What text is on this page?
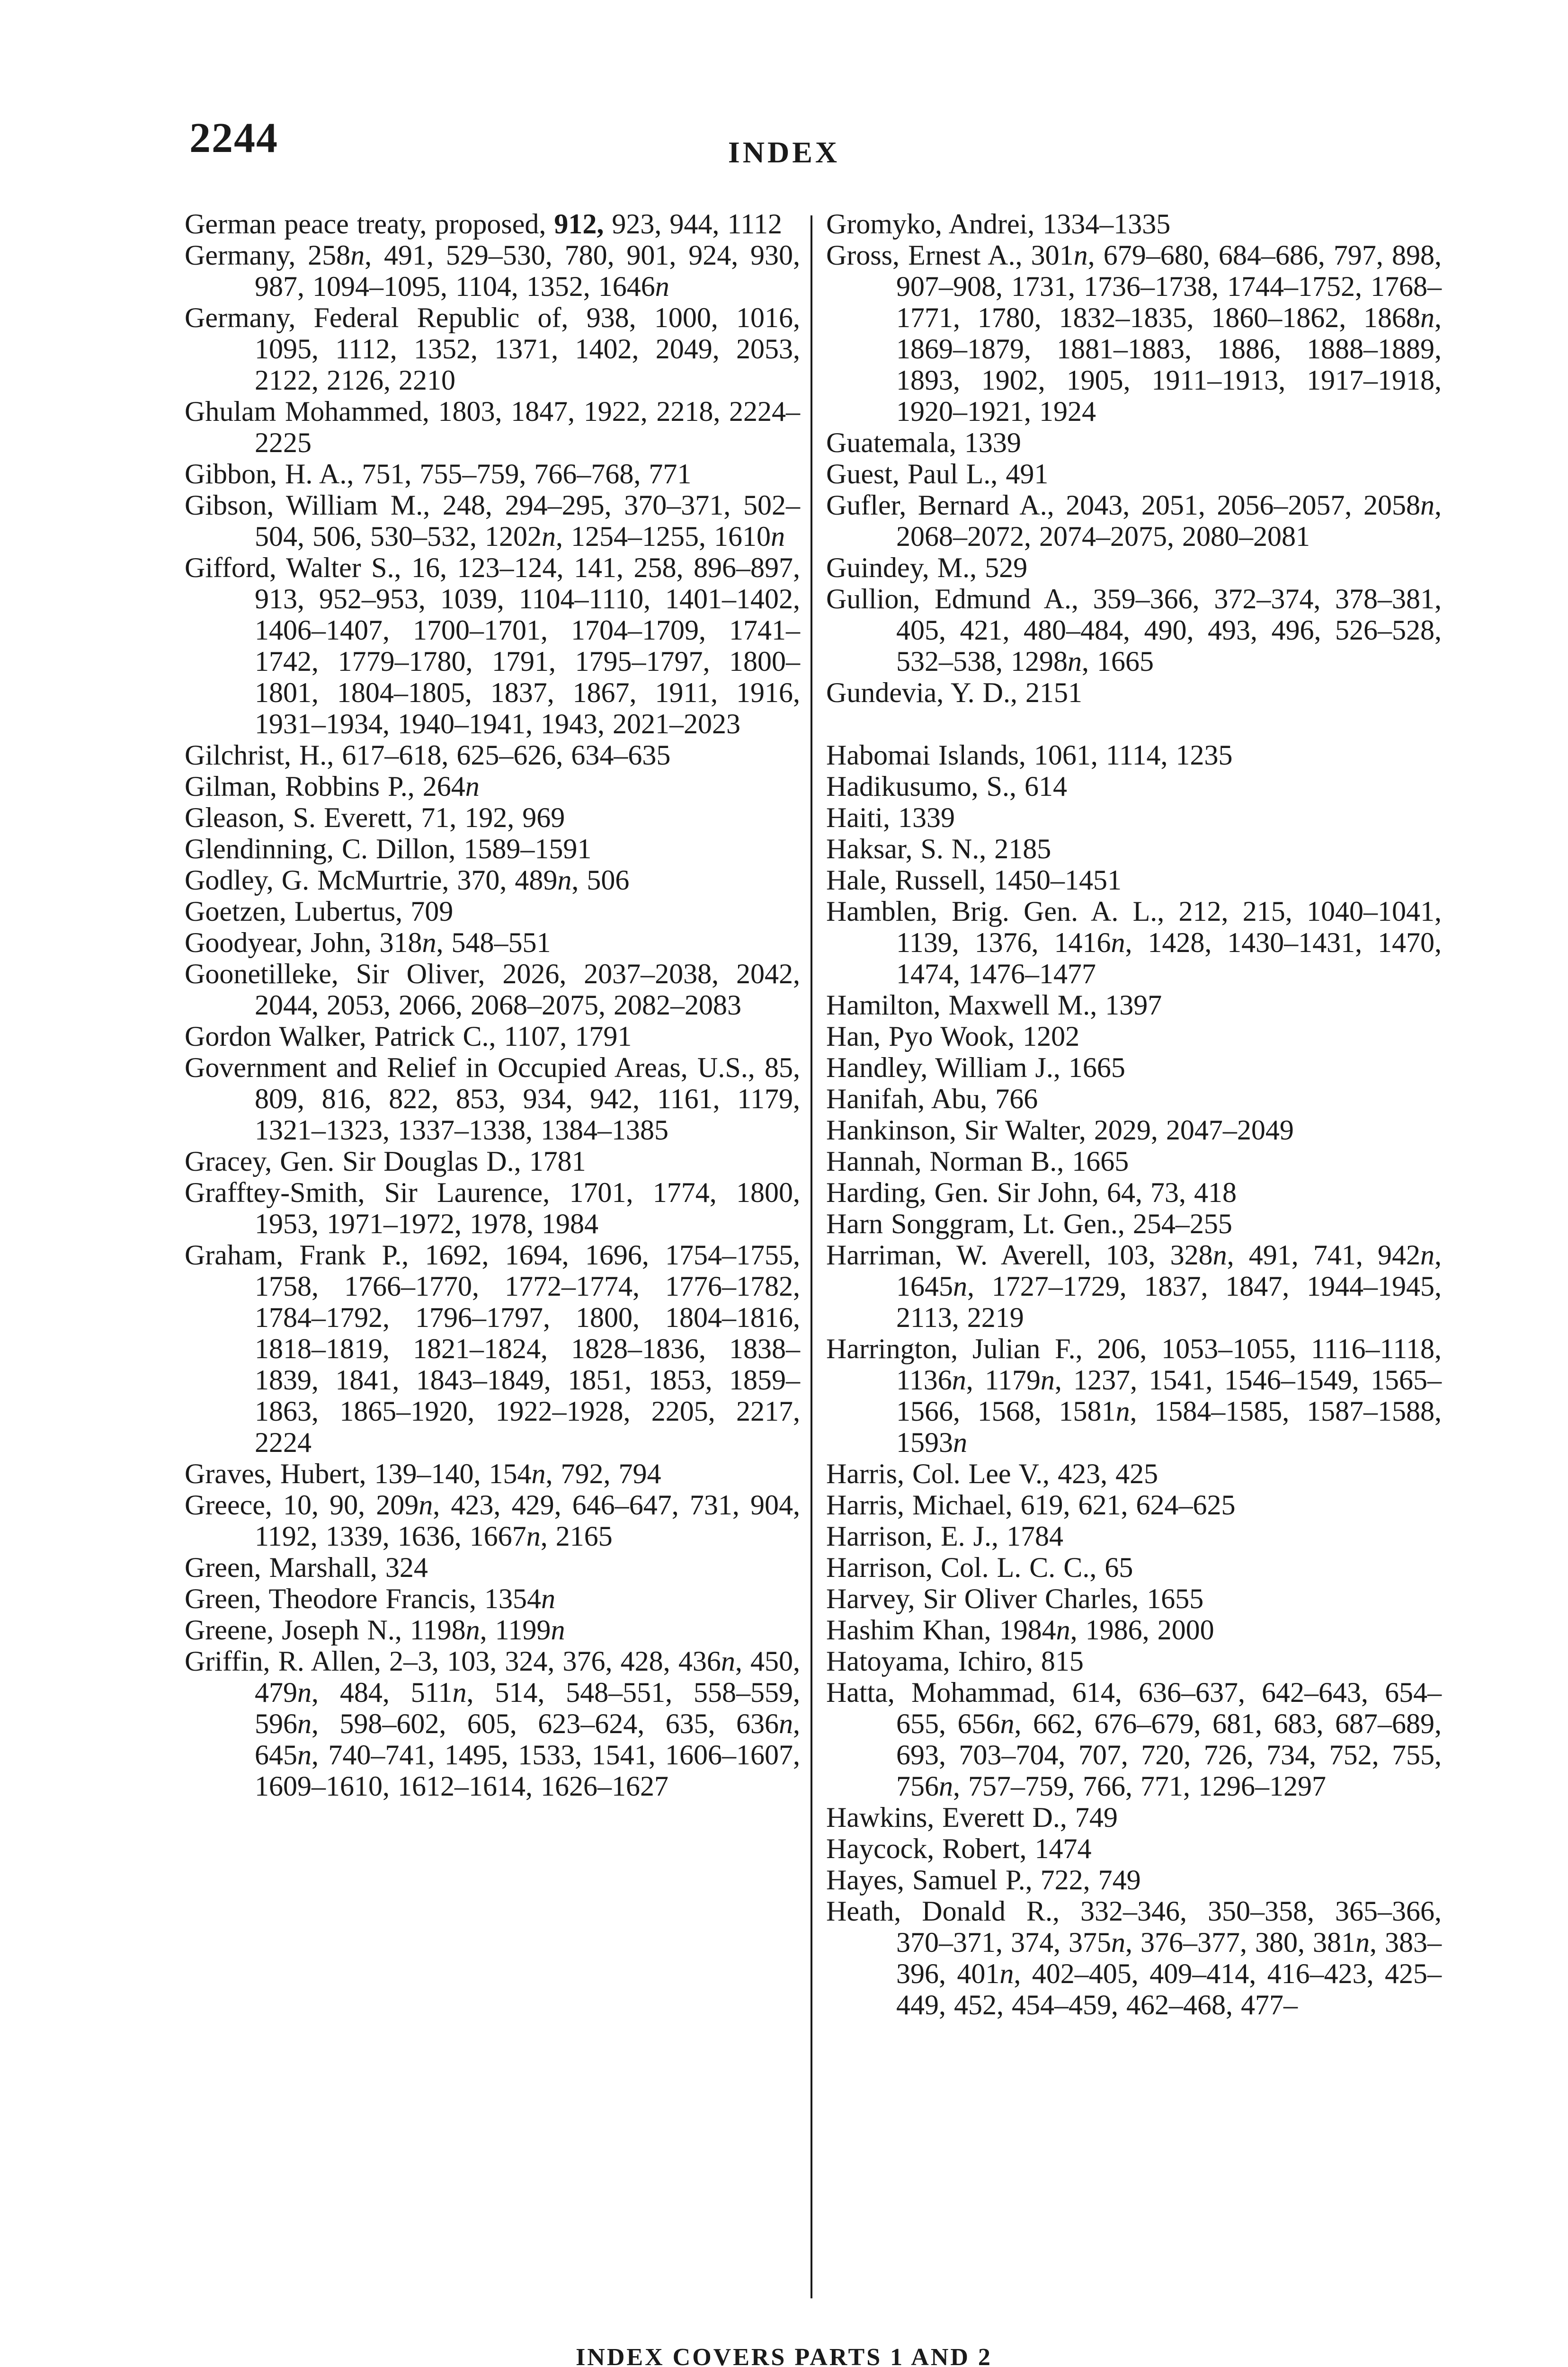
2244	INDEX
German peace treaty, proposed, 912, 923, 944, 1112
Germany, 258n, 491, 529–530, 780, 901, 924, 930, 987, 1094–1095, 1104, 1352, 1646n
Germany, Federal Republic of, 938, 1000, 1016, 1095, 1112, 1352, 1371, 1402, 2049, 2053, 2122, 2126, 2210
Ghulam Mohammed, 1803, 1847, 1922, 2218, 2224–2225
Gibbon, H. A., 751, 755–759, 766–768, 771
Gibson, William M., 248, 294–295, 370–371, 502–504, 506, 530–532, 1202n, 1254–1255, 1610n
Gifford, Walter S., 16, 123–124, 141, 258, 896–897, 913, 952–953, 1039, 1104–1110, 1401–1402, 1406–1407, 1700–1701, 1704–1709, 1741–1742, 1779–1780, 1791, 1795–1797, 1800–1801, 1804–1805, 1837, 1867, 1911, 1916, 1931–1934, 1940–1941, 1943, 2021–2023
Gilchrist, H., 617–618, 625–626, 634–635
Gilman, Robbins P., 264n
Gleason, S. Everett, 71, 192, 969
Glendinning, C. Dillon, 1589–1591
Godley, G. McMurtrie, 370, 489n, 506
Goetzen, Lubertus, 709
Goodyear, John, 318n, 548–551
Goonetilleke, Sir Oliver, 2026, 2037–2038, 2042, 2044, 2053, 2066, 2068–2075, 2082–2083
Gordon Walker, Patrick C., 1107, 1791
Government and Relief in Occupied Areas, U.S., 85, 809, 816, 822, 853, 934, 942, 1161, 1179, 1321–1323, 1337–1338, 1384–1385
Gracey, Gen. Sir Douglas D., 1781
Grafftey-Smith, Sir Laurence, 1701, 1774, 1800, 1953, 1971–1972, 1978, 1984
Graham, Frank P., 1692, 1694, 1696, 1754–1755, 1758, 1766–1770, 1772–1774, 1776–1782, 1784–1792, 1796–1797, 1800, 1804–1816, 1818–1819, 1821–1824, 1828–1836, 1838–1839, 1841, 1843–1849, 1851, 1853, 1859–1863, 1865–1920, 1922–1928, 2205, 2217, 2224
Graves, Hubert, 139–140, 154n, 792, 794
Greece, 10, 90, 209n, 423, 429, 646–647, 731, 904, 1192, 1339, 1636, 1667n, 2165
Green, Marshall, 324
Green, Theodore Francis, 1354n
Greene, Joseph N., 1198n, 1199n
Griffin, R. Allen, 2–3, 103, 324, 376, 428, 436n, 450, 479n, 484, 511n, 514, 548–551, 558–559, 596n, 598–602, 605, 623–624, 635, 636n, 645n, 740–741, 1495, 1533, 1541, 1606–1607, 1609–1610, 1612–1614, 1626–1627
Gromyko, Andrei, 1334–1335
Gross, Ernest A., 301n, 679–680, 684–686, 797, 898, 907–908, 1731, 1736–1738, 1744–1752, 1768–1771, 1780, 1832–1835, 1860–1862, 1868n, 1869–1879, 1881–1883, 1886, 1888–1889, 1893, 1902, 1905, 1911–1913, 1917–1918, 1920–1921, 1924
Guatemala, 1339
Guest, Paul L., 491
Gufler, Bernard A., 2043, 2051, 2056–2057, 2058n, 2068–2072, 2074–2075, 2080–2081
Guindey, M., 529
Gullion, Edmund A., 359–366, 372–374, 378–381, 405, 421, 480–484, 490, 493, 496, 526–528, 532–538, 1298n, 1665
Gundevia, Y. D., 2151
Habomai Islands, 1061, 1114, 1235
Hadikusumo, S., 614
Haiti, 1339
Haksar, S. N., 2185
Hale, Russell, 1450–1451
Hamblen, Brig. Gen. A. L., 212, 215, 1040–1041, 1139, 1376, 1416n, 1428, 1430–1431, 1470, 1474, 1476–1477
Hamilton, Maxwell M., 1397
Han, Pyo Wook, 1202
Handley, William J., 1665
Hanifah, Abu, 766
Hankinson, Sir Walter, 2029, 2047–2049
Hannah, Norman B., 1665
Harding, Gen. Sir John, 64, 73, 418
Harn Songgram, Lt. Gen., 254–255
Harriman, W. Averell, 103, 328n, 491, 741, 942n, 1645n, 1727–1729, 1837, 1847, 1944–1945, 2113, 2219
Harrington, Julian F., 206, 1053–1055, 1116–1118, 1136n, 1179n, 1237, 1541, 1546–1549, 1565–1566, 1568, 1581n, 1584–1585, 1587–1588, 1593n
Harris, Col. Lee V., 423, 425
Harris, Michael, 619, 621, 624–625
Harrison, E. J., 1784
Harrison, Col. L. C. C., 65
Harvey, Sir Oliver Charles, 1655
Hashim Khan, 1984n, 1986, 2000
Hatoyama, Ichiro, 815
Hatta, Mohammad, 614, 636–637, 642–643, 654–655, 656n, 662, 676–679, 681, 683, 687–689, 693, 703–704, 707, 720, 726, 734, 752, 755, 756n, 757–759, 766, 771, 1296–1297
Hawkins, Everett D., 749
Haycock, Robert, 1474
Hayes, Samuel P., 722, 749
Heath, Donald R., 332–346, 350–358, 365–366, 370–371, 374, 375n, 376–377, 380, 381n, 383–396, 401n, 402–405, 409–414, 416–423, 425–449, 452, 454–459, 462–468, 477–
INDEX COVERS PARTS 1 AND 2
